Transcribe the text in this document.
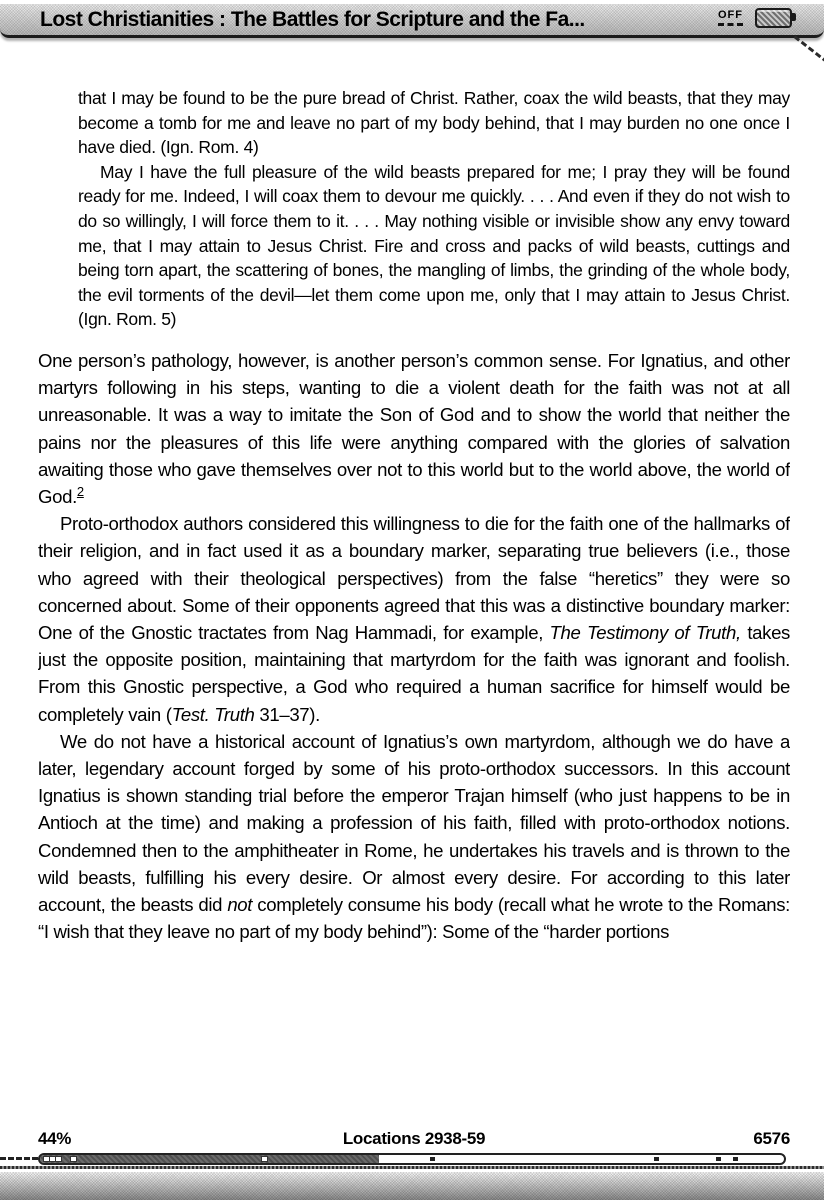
Lost Christianities : The Battles for Scripture and the Fa...	OFF

that I may be found to be the pure bread of Christ. Rather, coax the wild beasts, that they may become a tomb for me and leave no part of my body behind, that I may burden no one once I have died. (Ign. Rom. 4)

May I have the full pleasure of the wild beasts prepared for me; I pray they will be found ready for me. Indeed, I will coax them to devour me quickly. . . . And even if they do not wish to do so willingly, I will force them to it. . . . May nothing visible or invisible show any envy toward me, that I may attain to Jesus Christ. Fire and cross and packs of wild beasts, cuttings and being torn apart, the scattering of bones, the mangling of limbs, the grinding of the whole body, the evil torments of the devil—let them come upon me, only that I may attain to Jesus Christ. (Ign. Rom. 5)

One person’s pathology, however, is another person’s common sense. For Ignatius, and other martyrs following in his steps, wanting to die a violent death for the faith was not at all unreasonable. It was a way to imitate the Son of God and to show the world that neither the pains nor the pleasures of this life were anything compared with the glories of salvation awaiting those who gave themselves over not to this world but to the world above, the world of God.$^2$

Proto-orthodox authors considered this willingness to die for the faith one of the hallmarks of their religion, and in fact used it as a boundary marker, separating true believers (i.e., those who agreed with their theological perspectives) from the false “heretics” they were so concerned about. Some of their opponents agreed that this was a distinctive boundary marker: One of the Gnostic tractates from Nag Hammadi, for example, The Testimony of Truth, takes just the opposite position, maintaining that martyrdom for the faith was ignorant and foolish. From this Gnostic perspective, a God who required a human sacrifice for himself would be completely vain (Test. Truth 31–37).

We do not have a historical account of Ignatius’s own martyrdom, although we do have a later, legendary account forged by some of his proto-orthodox successors. In this account Ignatius is shown standing trial before the emperor Trajan himself (who just happens to be in Antioch at the time) and making a profession of his faith, filled with proto-orthodox notions. Condemned then to the amphitheater in Rome, he undertakes his travels and is thrown to the wild beasts, fulfilling his every desire. Or almost every desire. For according to this later account, the beasts did not completely consume his body (recall what he wrote to the Romans: “I wish that they leave no part of my body behind”): Some of the “harder portions

44%	Locations 2938-59	6576
